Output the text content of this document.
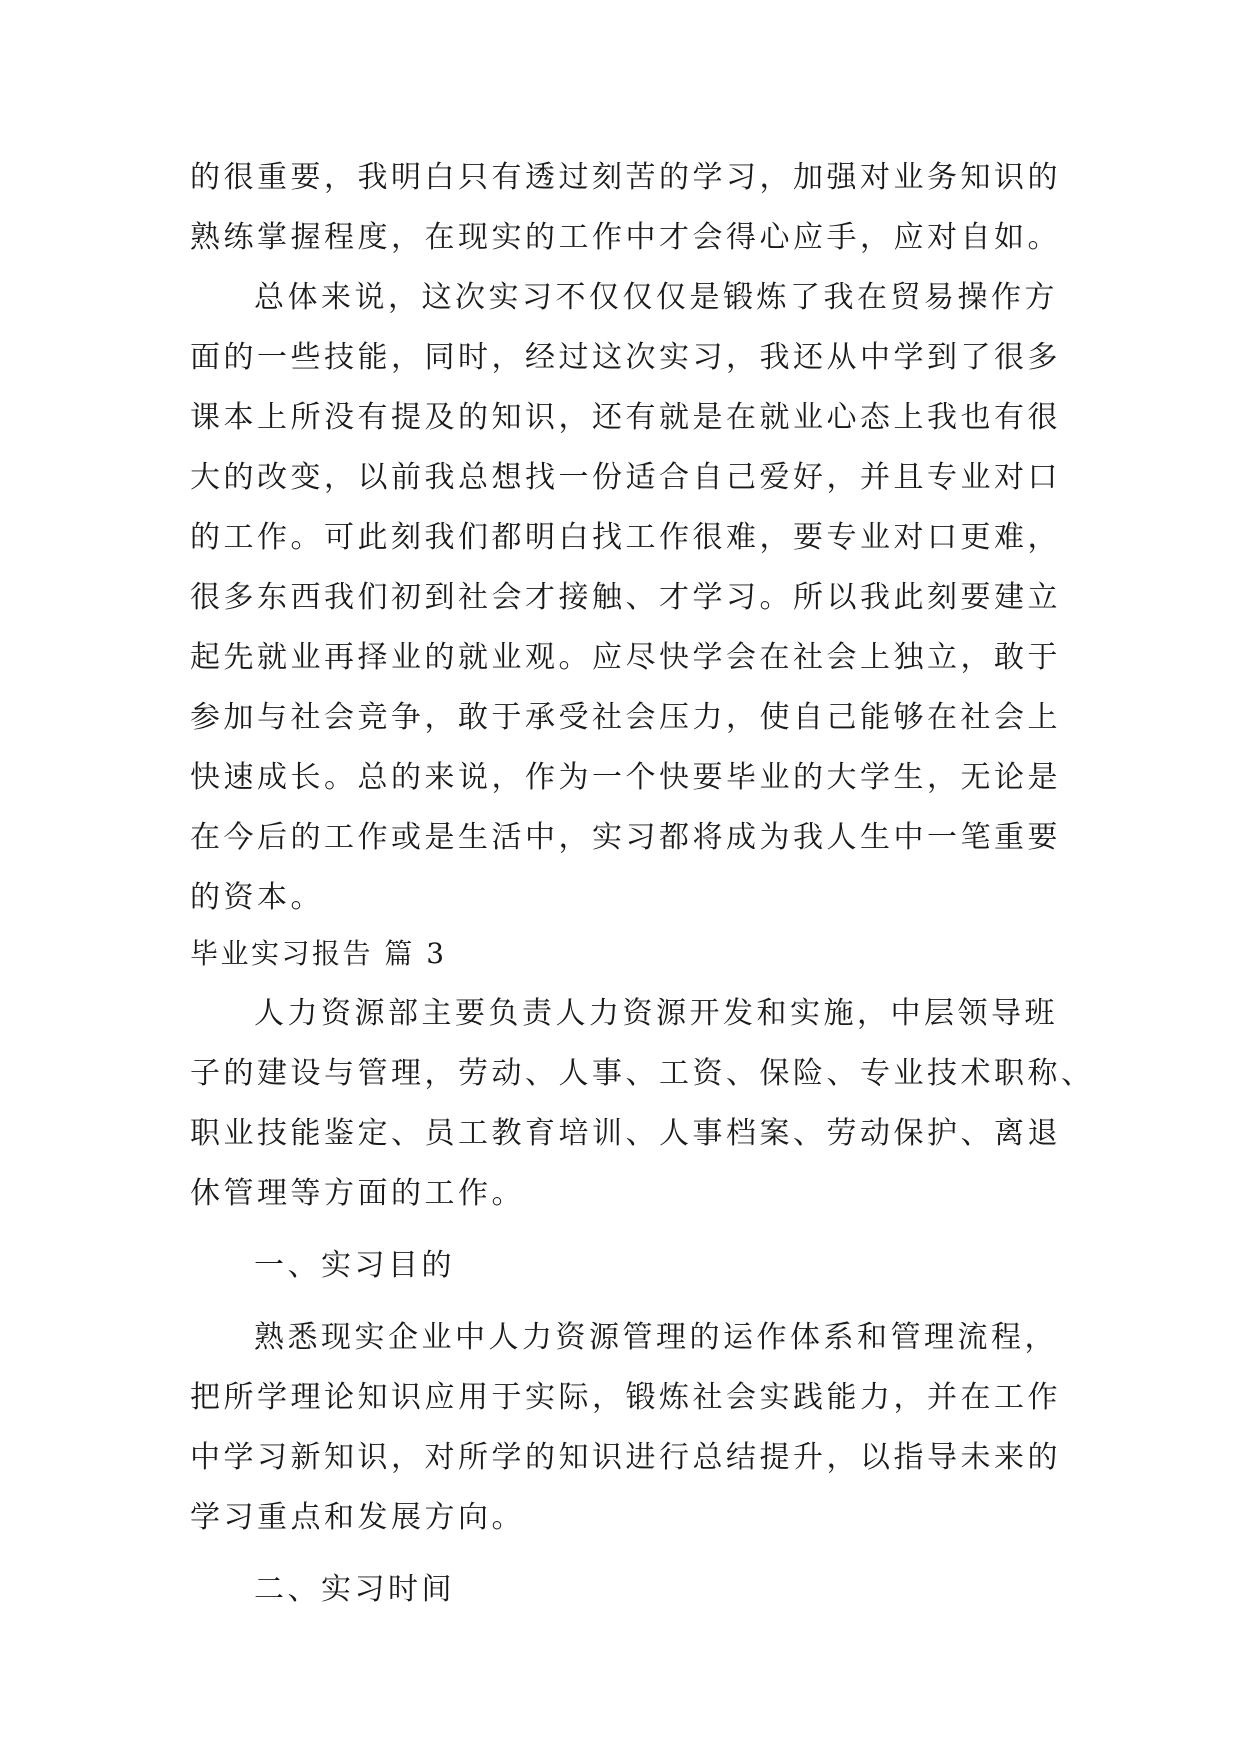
的很重要，我明白只有透过刻苦的学习，加强对业务知识的
熟练掌握程度，在现实的工作中才会得心应手，应对自如。
总体来说，这次实习不仅仅仅是锻炼了我在贸易操作方
面的一些技能，同时，经过这次实习，我还从中学到了很多
课本上所没有提及的知识，还有就是在就业心态上我也有很
大的改变，以前我总想找一份适合自己爱好，并且专业对口
的工作。可此刻我们都明白找工作很难，要专业对口更难，
很多东西我们初到社会才接触、才学习。所以我此刻要建立
起先就业再择业的就业观。应尽快学会在社会上独立，敢于
参加与社会竞争，敢于承受社会压力，使自己能够在社会上
快速成长。总的来说，作为一个快要毕业的大学生，无论是
在今后的工作或是生活中，实习都将成为我人生中一笔重要
的资本。
毕业实习报告 篇 3
人力资源部主要负责人力资源开发和实施，中层领导班
子的建设与管理，劳动、人事、工资、保险、专业技术职称、
职业技能鉴定、员工教育培训、人事档案、劳动保护、离退
休管理等方面的工作。
一、实习目的
熟悉现实企业中人力资源管理的运作体系和管理流程，
把所学理论知识应用于实际，锻炼社会实践能力，并在工作
中学习新知识，对所学的知识进行总结提升，以指导未来的
学习重点和发展方向。
二、实习时间
